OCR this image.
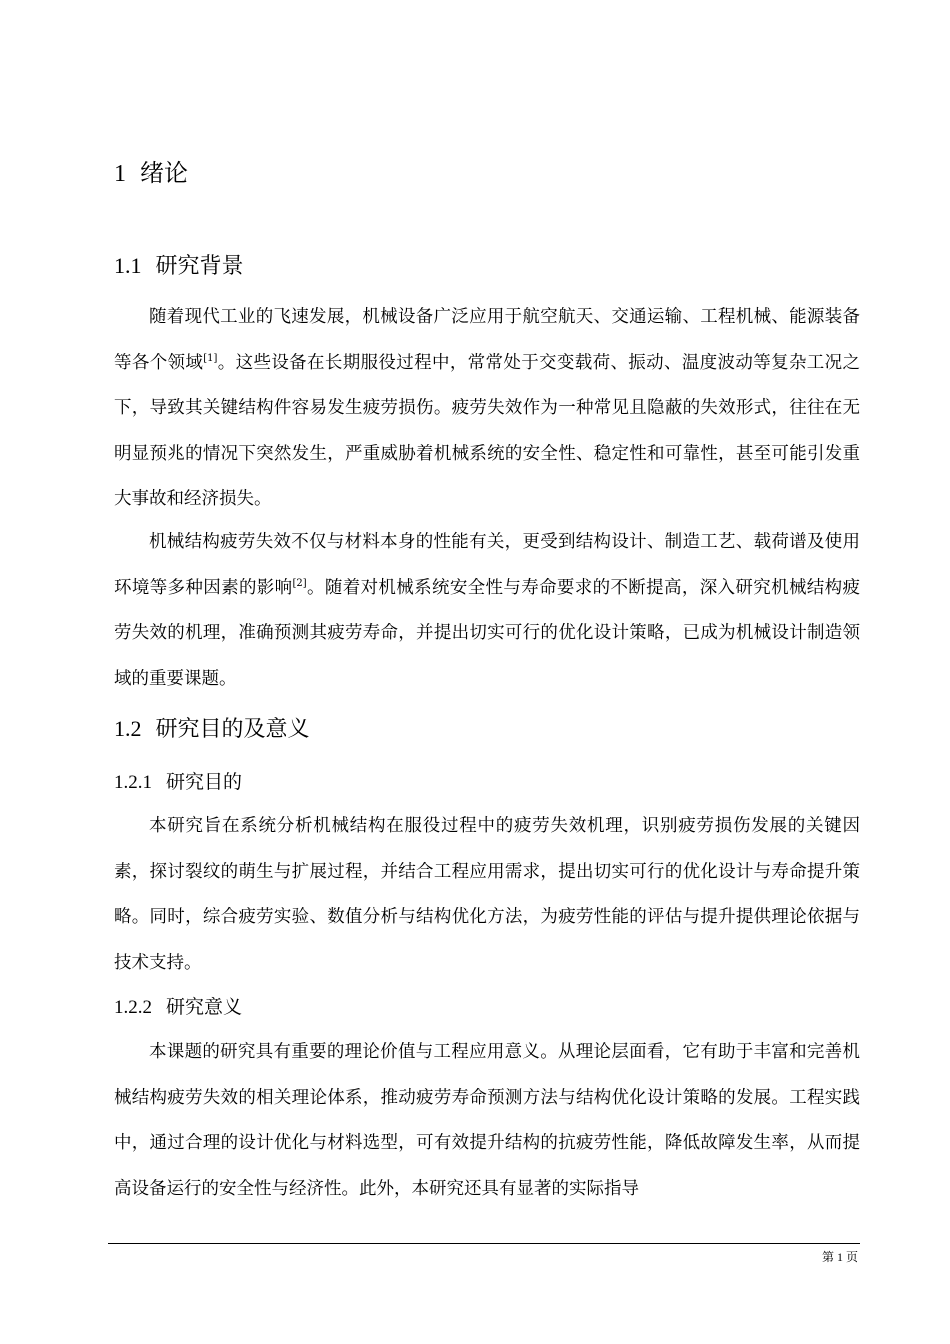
1 绪论
1.1 研究背景

随着现代工业的飞速发展，机械设备广泛应用于航空航天、交通运输、工程机械、能源装备等各个领域[1]。这些设备在长期服役过程中，常常处于交变载荷、振动、温度波动等复杂工况之下，导致其关键结构件容易发生疲劳损伤。疲劳失效作为一种常见且隐蔽的失效形式，往往在无明显预兆的情况下突然发生，严重威胁着机械系统的安全性、稳定性和可靠性，甚至可能引发重大事故和经济损失。

机械结构疲劳失效不仅与材料本身的性能有关，更受到结构设计、制造工艺、载荷谱及使用环境等多种因素的影响[2]。随着对机械系统安全性与寿命要求的不断提高，深入研究机械结构疲劳失效的机理，准确预测其疲劳寿命，并提出切实可行的优化设计策略，已成为机械设计制造领域的重要课题。

1.2 研究目的及意义
1.2.1 研究目的

本研究旨在系统分析机械结构在服役过程中的疲劳失效机理，识别疲劳损伤发展的关键因素，探讨裂纹的萌生与扩展过程，并结合工程应用需求，提出切实可行的优化设计与寿命提升策略。同时，综合疲劳实验、数值分析与结构优化方法，为疲劳性能的评估与提升提供理论依据与技术支持。

1.2.2 研究意义

本课题的研究具有重要的理论价值与工程应用意义。从理论层面看，它有助于丰富和完善机械结构疲劳失效的相关理论体系，推动疲劳寿命预测方法与结构优化设计策略的发展。工程实践中，通过合理的设计优化与材料选型，可有效提升结构的抗疲劳性能，降低故障发生率，从而提高设备运行的安全性与经济性。此外，本研究还具有显著的实际指导

第 1 页
